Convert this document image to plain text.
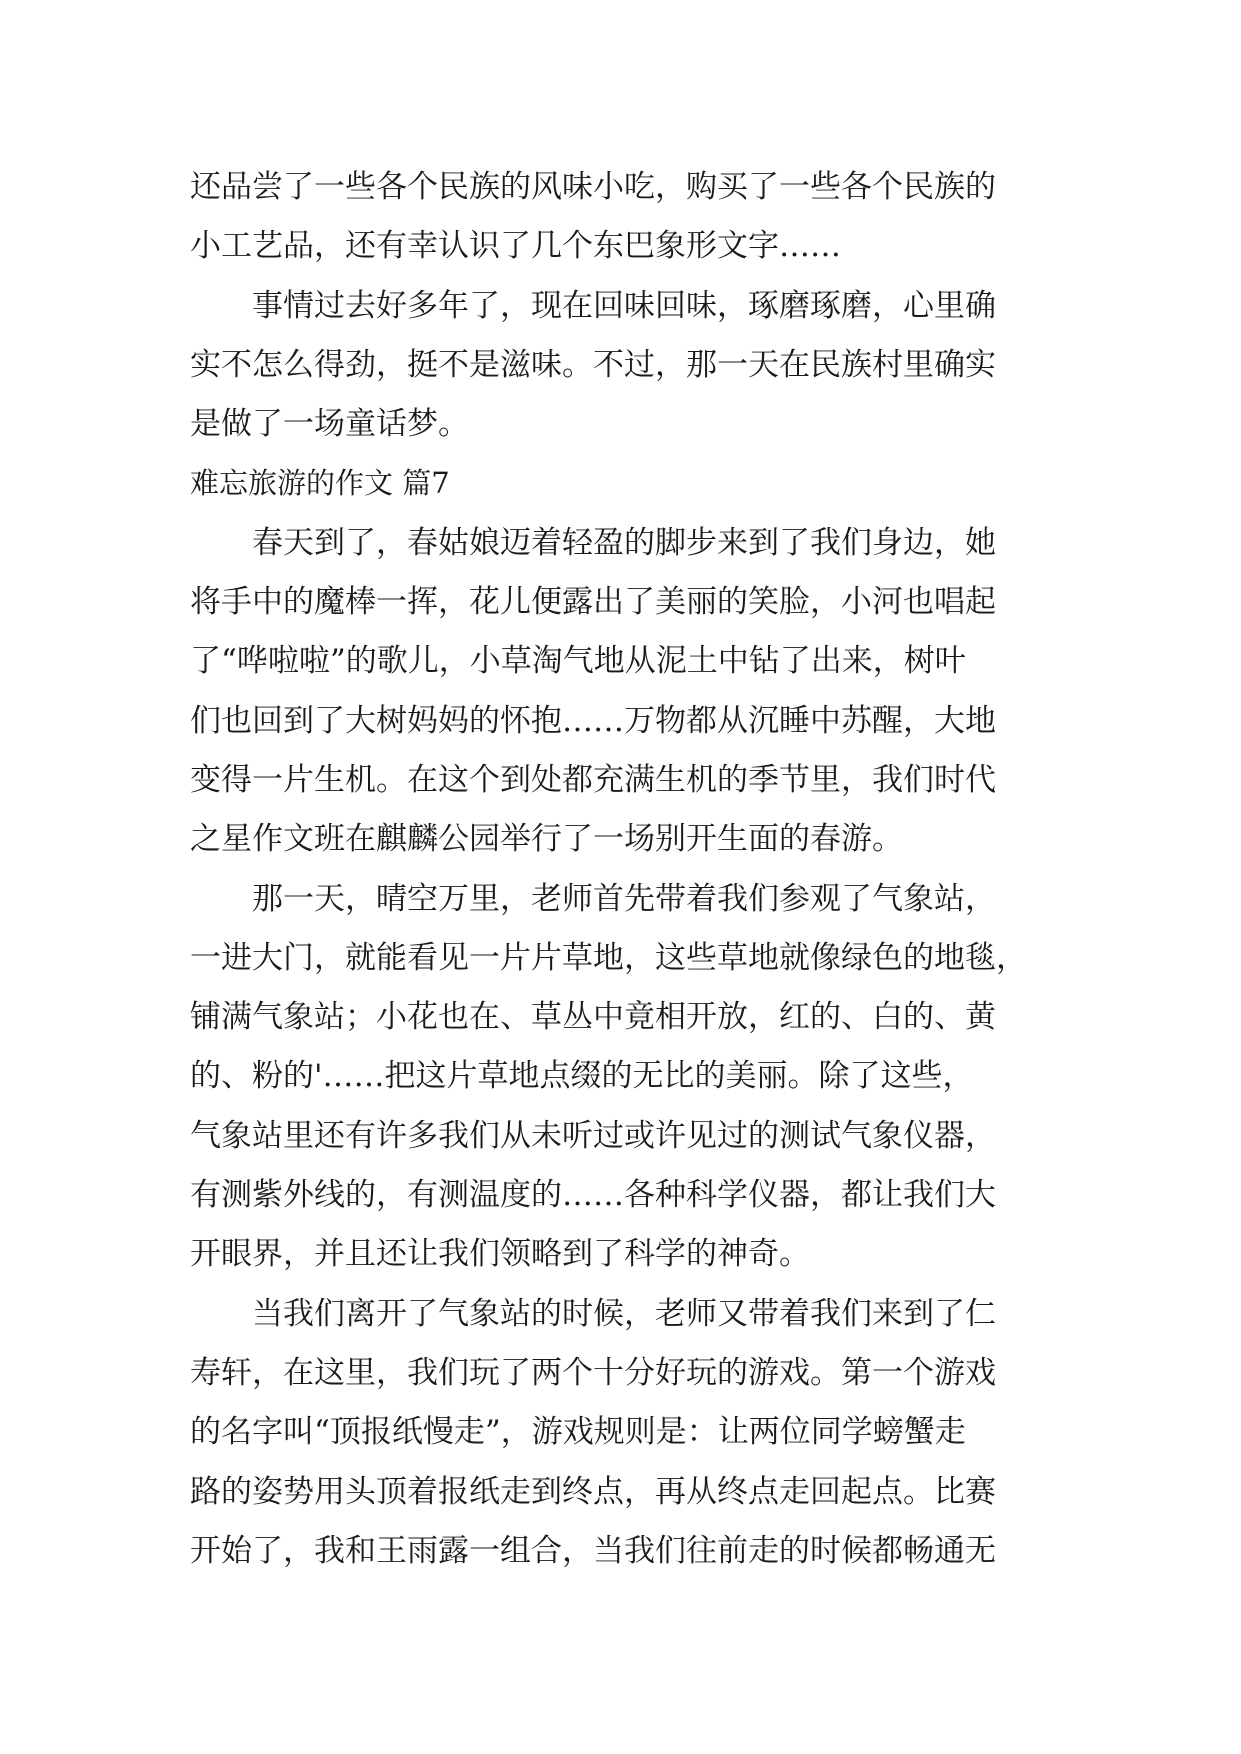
还品尝了一些各个民族的风味小吃，购买了一些各个民族的
小工艺品，还有幸认识了几个东巴象形文字……
事情过去好多年了，现在回味回味，琢磨琢磨，心里确
实不怎么得劲，挺不是滋味。不过，那一天在民族村里确实
是做了一场童话梦。
难忘旅游的作文 篇7
春天到了，春姑娘迈着轻盈的脚步来到了我们身边，她
将手中的魔棒一挥，花儿便露出了美丽的笑脸，小河也唱起
了“哗啦啦”的歌儿，小草淘气地从泥土中钻了出来，树叶
们也回到了大树妈妈的怀抱……万物都从沉睡中苏醒，大地
变得一片生机。在这个到处都充满生机的季节里，我们时代
之星作文班在麒麟公园举行了一场别开生面的春游。
那一天，晴空万里，老师首先带着我们参观了气象站，
一进大门，就能看见一片片草地，这些草地就像绿色的地毯，
铺满气象站；小花也在、草丛中竟相开放，红的、白的、黄
的、粉的'……把这片草地点缀的无比的美丽。除了这些，
气象站里还有许多我们从未听过或许见过的测试气象仪器，
有测紫外线的，有测温度的……各种科学仪器，都让我们大
开眼界，并且还让我们领略到了科学的神奇。
当我们离开了气象站的时候，老师又带着我们来到了仁
寿轩，在这里，我们玩了两个十分好玩的游戏。第一个游戏
的名字叫“顶报纸慢走”，游戏规则是：让两位同学螃蟹走
路的姿势用头顶着报纸走到终点，再从终点走回起点。比赛
开始了，我和王雨露一组合，当我们往前走的时候都畅通无
